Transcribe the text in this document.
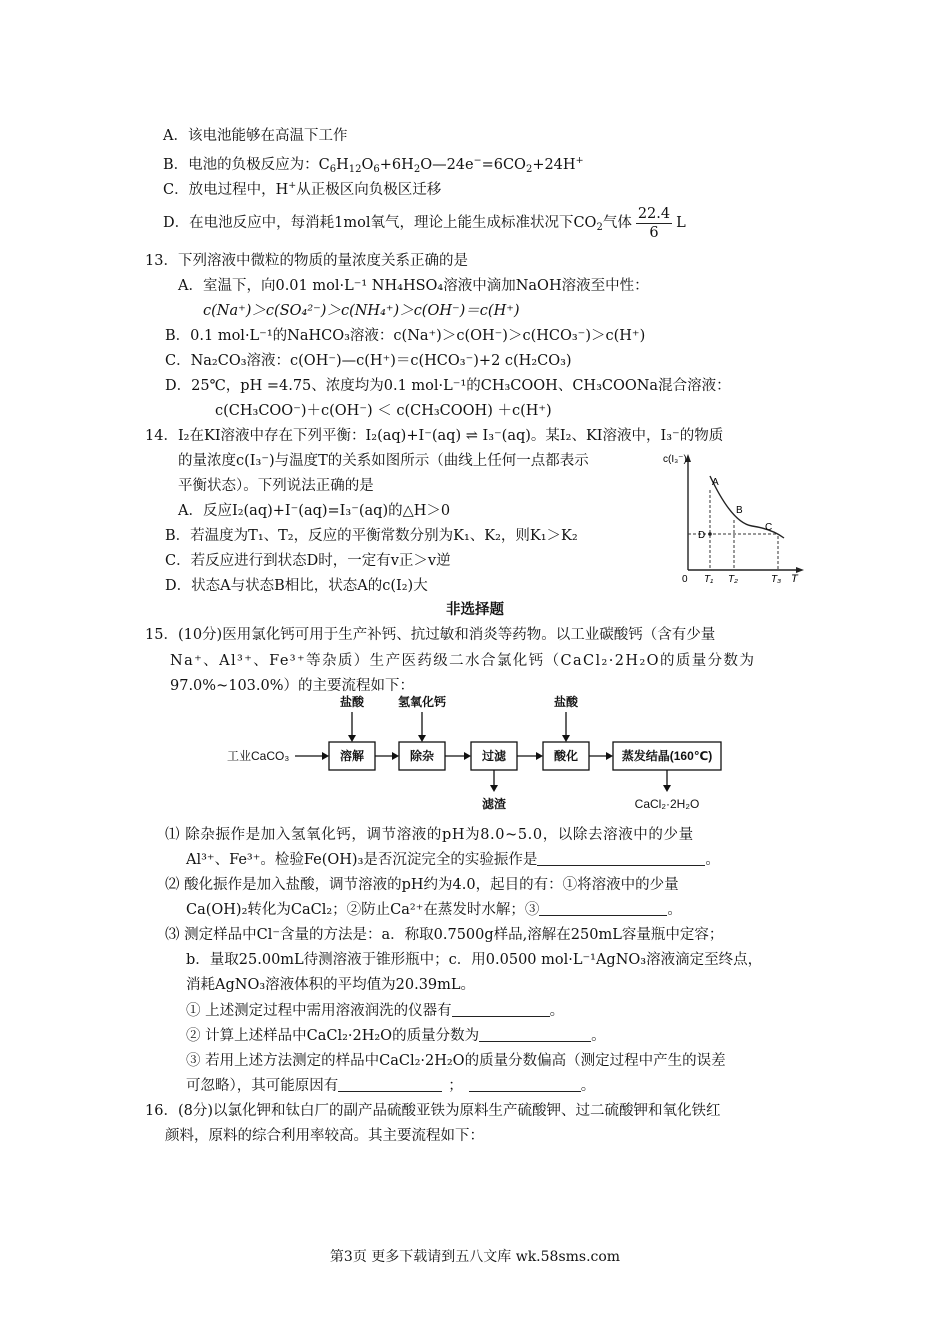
A．该电池能够在高温下工作
B．电池的负极反应为：$C_6H_{12}O_6+6H_2O—24e^-=6CO_2+24H^+$
C．放电过程中，H+从正极区向负极区迁移
D．在电池反应中，每消耗1mol氧气，理论上能生成标准状况下$CO_2$气体 $\frac{22.4}{6}$ L
13．下列溶液中微粒的物质的量浓度关系正确的是
A．室温下，向0.01 mol·L⁻¹ NH₄HSO₄溶液中滴加NaOH溶液至中性：
c(Na⁺)＞c(SO₄²⁻)＞c(NH₄⁺)＞c(OH⁻)＝c(H⁺)
B．0.1 mol·L⁻¹的NaHCO₃溶液：c(Na⁺)＞c(OH⁻)＞c(HCO₃⁻)＞c(H⁺)
C．Na₂CO₃溶液：c(OH⁻)—c(H⁺)＝c(HCO₃⁻)+2 c(H₂CO₃)
D．25℃，pH =4.75、浓度均为0.1 mol·L⁻¹的CH₃COOH、CH₃COONa混合溶液：
c(CH₃COO⁻)＋c(OH⁻) ＜ c(CH₃COOH) ＋c(H⁺)
14．I₂在KI溶液中存在下列平衡：I₂(aq)+I⁻(aq) ⇌ I₃⁻(aq)。某I₂、KI溶液中，I₃⁻的物质
的量浓度c(I₃⁻)与温度T的关系如图所示（曲线上任何一点都表示
平衡状态）。下列说法正确的是
A．反应I₂(aq)+I⁻(aq)=I₃⁻(aq)的△H＞0
B．若温度为T₁、T₂，反应的平衡常数分别为K₁、K₂，则K₁＞K₂
C．若反应进行到状态D时，一定有v正＞v逆
D．状态A与状态B相比，状态A的c(I₂)大
c(I₃⁻)
0	T
A
B
C
D
T₁ T₂	T₃
非选择题
15．(10分)医用氯化钙可用于生产补钙、抗过敏和消炎等药物。以工业碳酸钙（含有少量
Na⁺、Al³⁺、Fe³⁺等杂质）生产医药级二水合氯化钙（CaCl₂·2H₂O的质量分数为
97.0%~103.0%）的主要流程如下：
工业CaCO₃	溶解
盐酸
除杂
氢氧化钙
过滤
滤渣
酸化
盐酸
蒸发结晶(160℃)
CaCl₂·2H₂O
⑴ 除杂振作是加入氢氧化钙，调节溶液的pH为8.0~5.0，以除去溶液中的少量
Al³⁺、Fe³⁺。检验Fe(OH)₃是否沉淀完全的实验振作是	。
⑵ 酸化振作是加入盐酸，调节溶液的pH约为4.0，起目的有：①将溶液中的少量
Ca(OH)₂转化为CaCl₂；②防止Ca²⁺在蒸发时水解；③	。
⑶ 测定样品中Cl⁻含量的方法是：a．称取0.7500g样品,溶解在250mL容量瓶中定容；
b．量取25.00mL待测溶液于锥形瓶中；c．用0.0500 mol·L⁻¹AgNO₃溶液滴定至终点，
消耗AgNO₃溶液体积的平均值为20.39mL。
① 上述测定过程中需用溶液润洗的仪器有	。
② 计算上述样品中CaCl₂·2H₂O的质量分数为	。
③ 若用上述方法测定的样品中CaCl₂·2H₂O的质量分数偏高（测定过程中产生的误差
可忽略），其可能原因有	；	。
16．(8分)以氯化钾和钛白厂的副产品硫酸亚铁为原料生产硫酸钾、过二硫酸钾和氧化铁红
颜料，原料的综合利用率较高。其主要流程如下：
第3页 更多下载请到五八文库 wk.58sms.com
